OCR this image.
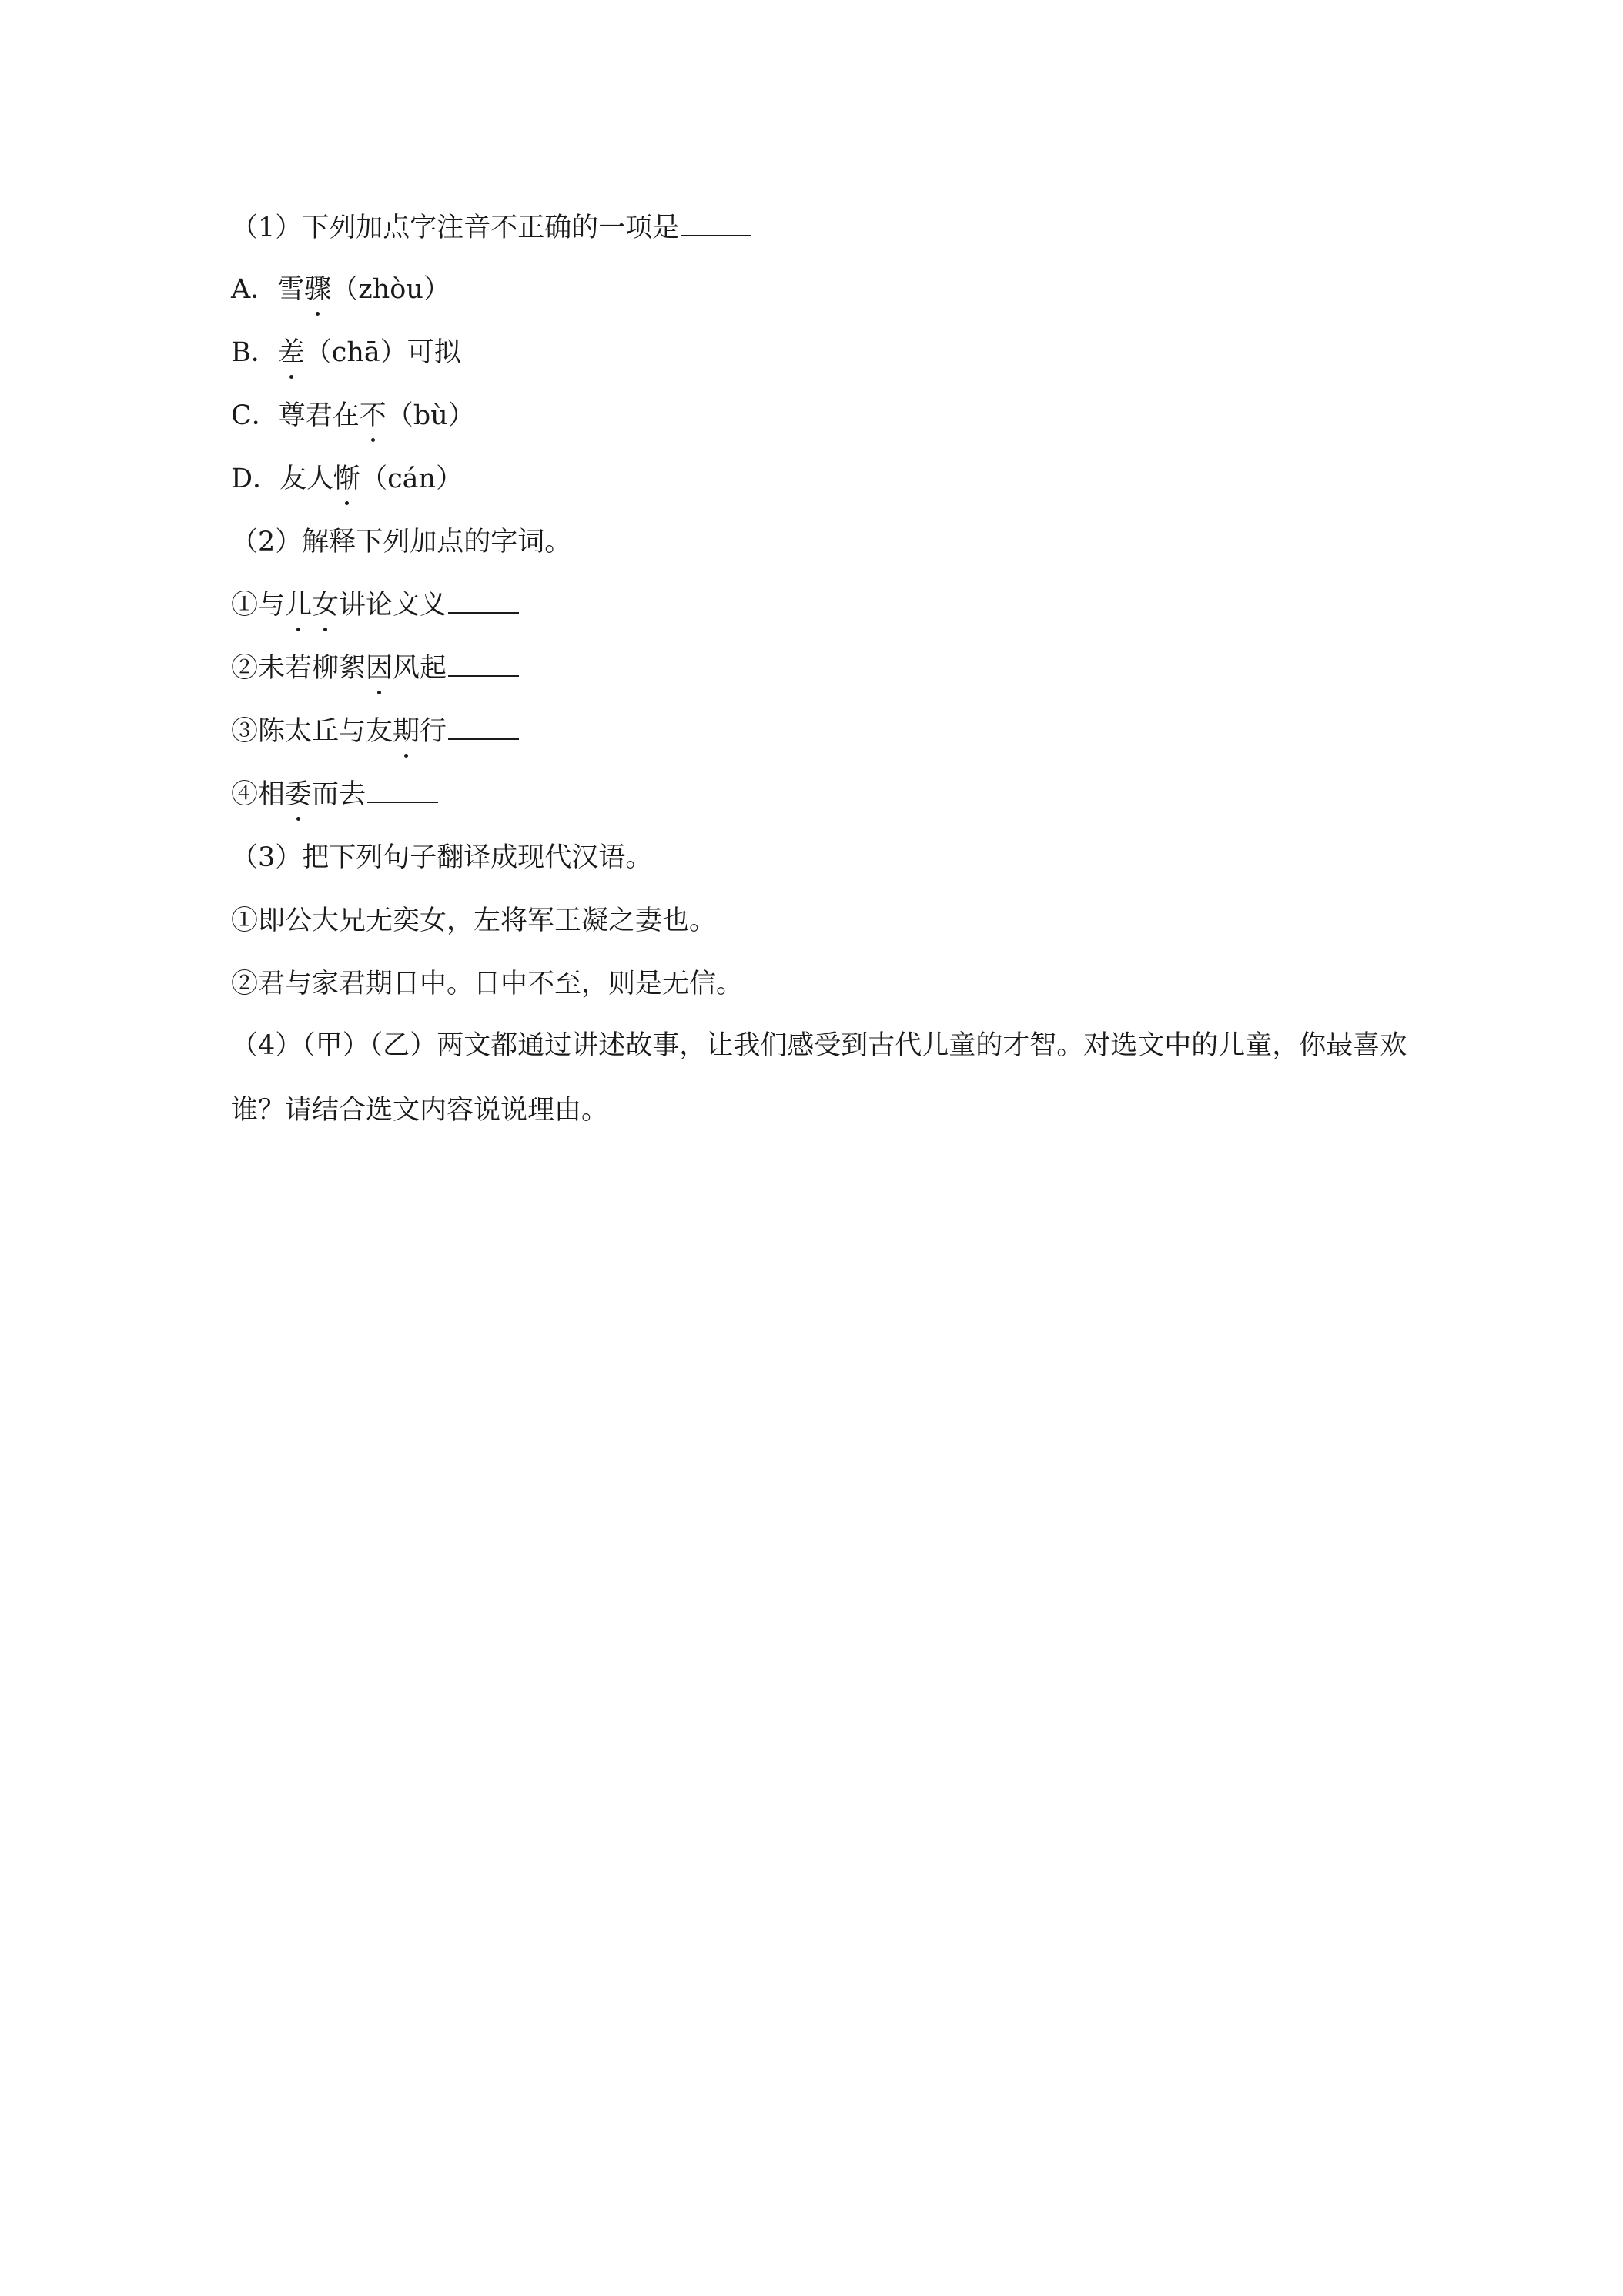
（1）下列加点字注音不正确的一项是
A．雪骤（zhòu）
B．差（chā）可拟
C．尊君在不（bù）
D．友人惭（cán）
（2）解释下列加点的字词。
①与儿女讲论文义
②未若柳絮因风起
③陈太丘与友期行
④相委而去
（3）把下列句子翻译成现代汉语。
①即公大兄无奕女，左将军王凝之妻也。
②君与家君期日中。日中不至，则是无信。
（4）（甲）（乙）两文都通过讲述故事，让我们感受到古代儿童的才智。对选文中的儿童，你最喜欢谁？请结合选文内容说说理由。
